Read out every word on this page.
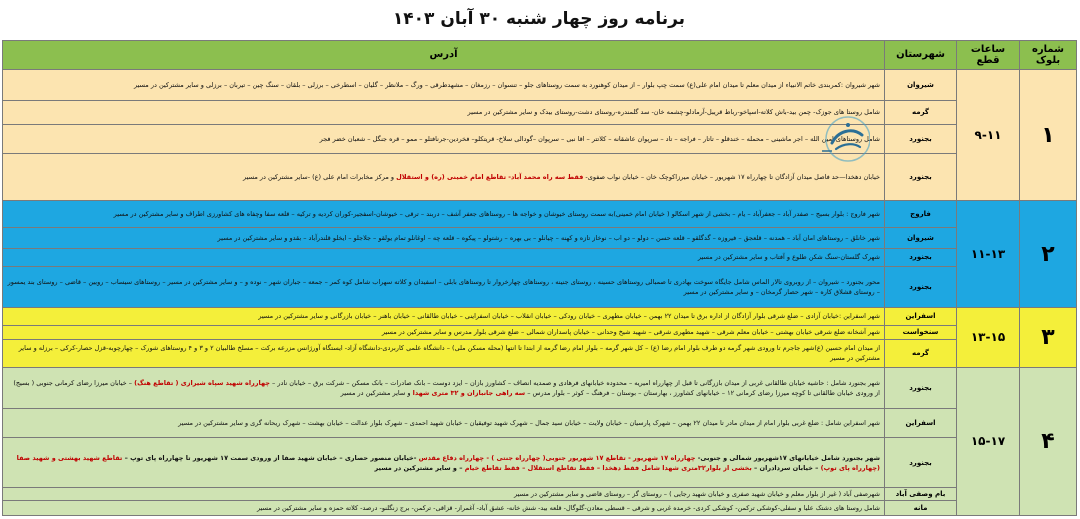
برنامه روز چهار شنبه ۳۰ آبان ۱۴۰۳
شماره بلوک	ساعات قطع	شهرستان	آدرس
۱	۹-۱۱	شیروان	شهر شیروان :کمربندی خاتم الانبیاء از میدان معلم تا میدان امام علی(ع) سمت چپ بلوار – از میدان کوهنورد به سمت روستاهای جلو – تنسوان – رزمغان – مشهدطرقی – ورگ – ملانظر – گلیان – اسطرخی – برزلی – بلقان – سنگ چین – تیربان – برزلی و سایر مشترکین در مسیر
		گرمه	شامل روستا های جوزک- چمن بید-باش کلاته-اسپاخو-رباط قریبل-آرمادلو-چشمه خان- سد گلمندره-روستای دشت-روستای بیدک و سایر مشترکین در مسیر
		بجنورد	شامل روستاهای امین الله – اجر ماشینی – محمله – خندقلو – تاتار – فراجه – تاد – سرپوان عاشقانه – کلاتتر – اقا نبی – سرپوان –گودالی سلاخ- قریتکلو– فخردین-جرنافتلو – ممو – قره جنگل – شعبان خضر فجر
		بجنورد	خیابان دهخدا—حد فاصل میدان آزادگان تا چهارراه ۱۷ شهریور – خیابان میرزاکوچک خان – خیابان نواب صفوی- فقط سه راه محمد آباد- تقاطع امام خمینی (ره) و استقلال و مرکز مخابرات امام علی (ع) -سایر مشترکین در مسیر
۲	۱۱-۱۳	فاروج	شهر فاروج : بلوار بسیج – صفدر آباد – جعفرآباد – یام – بخشی از شهر اسکالو ( خیابان امام خمینی)به سمت روستای خیوشان و خواجه ها – روستاهای جعفر آشف – دربند – ترقی – خیوشان-اسفجیر-کوران کردیه و ترکیه – قلعه سفا وچفاه های کشاورزی اطراف و سایر مشترکین در مسیر
		شیروان	شهر خانلق – روستاهای امان آباد – همدنه – قلعجق – فیروزه – گدگلقو – قلعه حسن – دولو – دو اب – نوخاز تازه و کهنه – چیانلو – بی بهره – رشتولو – پیکوه – قلعه چه – اوغانلو تمام یولقو – جلاجلو – ایخلو قلندرآباد – بقدو و سایر مشترکین در مسیر
		بجنورد	شهرک گلستان-سنگ شکن طلوع و آفتاب و سایر مشترکین در مسیر
		بجنورد	محور بجنورد – شیروان – از روبروی تالار الماس شامل جایگاه سوخت بهادری تا صمبالی روستاهای حسینه ، روستای جنینه ، روستاهای چهارخروار تا روستاهای بابلی – اسفیدان و کلاته سهراب شامل کوه کمر – جمعه – جباران شهر – نوده و – و سایر مشترکین در مسیر – روستاهای سیساب – رویین – قاضی – روستای بند یمسور – روستای قشلاق کاره – شهر حصار گرمخان – و سایر مشترکین در مسیر
۳	۱۳-۱۵	اسفراین	شهر اسفراین :خیابان آزادی – ضلع شرقی بلوار آزادگان از اداره برق تا میدان ۲۲ بهمن – خیابان مطهری – خیابان رودکی – خیابان انقلاب – خیابان اسفراینی – خیابان طالقانی – خیابان باهنر – خیابان بازرگانی و سایر مشترکین در مسیر
		سنخواست	شهر آشخانه ضلع شرقی خیابان بهشتی – خیابان معلم شرقی – شهید مطهری شرقی – شهید شیخ وحدانی – خیابان پاسداران شمالی – ضلع شرقی بلوار مدرس و سایر مشترکین در مسیر
		گرمه	از میدان امام حسین (ع)شهر جاجرم تا ورودی شهر گرمه دو طرف بلوار امام رضا (ع) – کل شهر گرمه – بلوار امام رضا گرمه از ابتدا تا انتها (محله مسکن ملی) – دانشگاه علمی کاربردی-دانشگاه آزاد- ایستگاه آورژانس مزرعه برکت – مسلخ طالبیان ۲ و ۳ و ۴ روستاهای شورک – چهارچوبه-قزل حصار-کرکی – برزله و سایر مشترکین در مسیر
۴	۱۵-۱۷	بجنورد	شهر بجنورد شامل : حاشیه خیابان طالقانی غربی از میدان بازرگانی تا قبل از چهارراه امیریه – محدوده خیابانهای فرهادی و صمدیه انصاف – کشاورز بازان – ایزد دوست – بانک صادرات – بانک مسکن – شرکت برق – خیابان نادر – چهارراه شهید سپاه شیرازی ( تقاطع هنگ) – خیابان میرزا رضای کرمانی جنوبی ( بسیج) از ورودی خیابان طالقانی تا کوچه میرزا رضای کرمانی ۱۲ – خیابانهای کشاورز ، بهارستان – بوستان – فرهنگ – کوثر – بلوار مدرس – سه راهی جانبازان و ۳۲ متری شهدا و سایر مشترکین در مسیر
		اسفراین	شهر اسفراین شامل : ضلع غربی بلوار امام از میدان مادر تا میدان ۲۲ بهمن – شهرک پارسیان – خیابان ولایت – خیابان سید جمال – شهرک شهید توفیقیان – خیابان شهید احمدی – شهرک بلوار عدالت – خیابان بهشت – شهرک ریحانه گری و سایر مشترکین در مسیر
		بجنورد	شهر بجنورد شامل خیابانهای ۱۷شهریور شمالی و جنوبی- چهارراه ۱۷ شهریور - تقاطع ۱۷ شهریور جنوبی( چهارراه جنتی ) - چهارراه دقاع مقدس -خیابان منصور حصاری – خیابان شهید صفا از ورودی سمت ۱۷ شهریور تا چهارراه پای توپ – تقاطع شهید بهشتی و شهید صفا (چهارراه پای توپ) – خیابان سردادران – بخشی از بلوار۳۲متری شهدا شامل فقط دهخدا – فقط تقاطع استقلال – فقط تقاطع خیام – و سایر مشترکین در مسیر
		بام وصفی آباد	شهرصفی آباد ( غیر از بلوار معلم و خیابان شهید صفری و خیابان شهید رجایی ) – روستای گز – روستای قاضی و سایر مشترکین در مسیر
		مانه	شامل روستا های دشتک علیا و سفلی-کوشکی ترکمن- کوشکی کردی- خرمده غربی و شرقی – قسطی معادن-گلوگال- قلعه بید- شش خانه- عشق آباد- آغمراز- قزاقی- ترکمن- برج زنگلنو- درصد- کلاته حمزه و سایر مشترکین در مسیر
